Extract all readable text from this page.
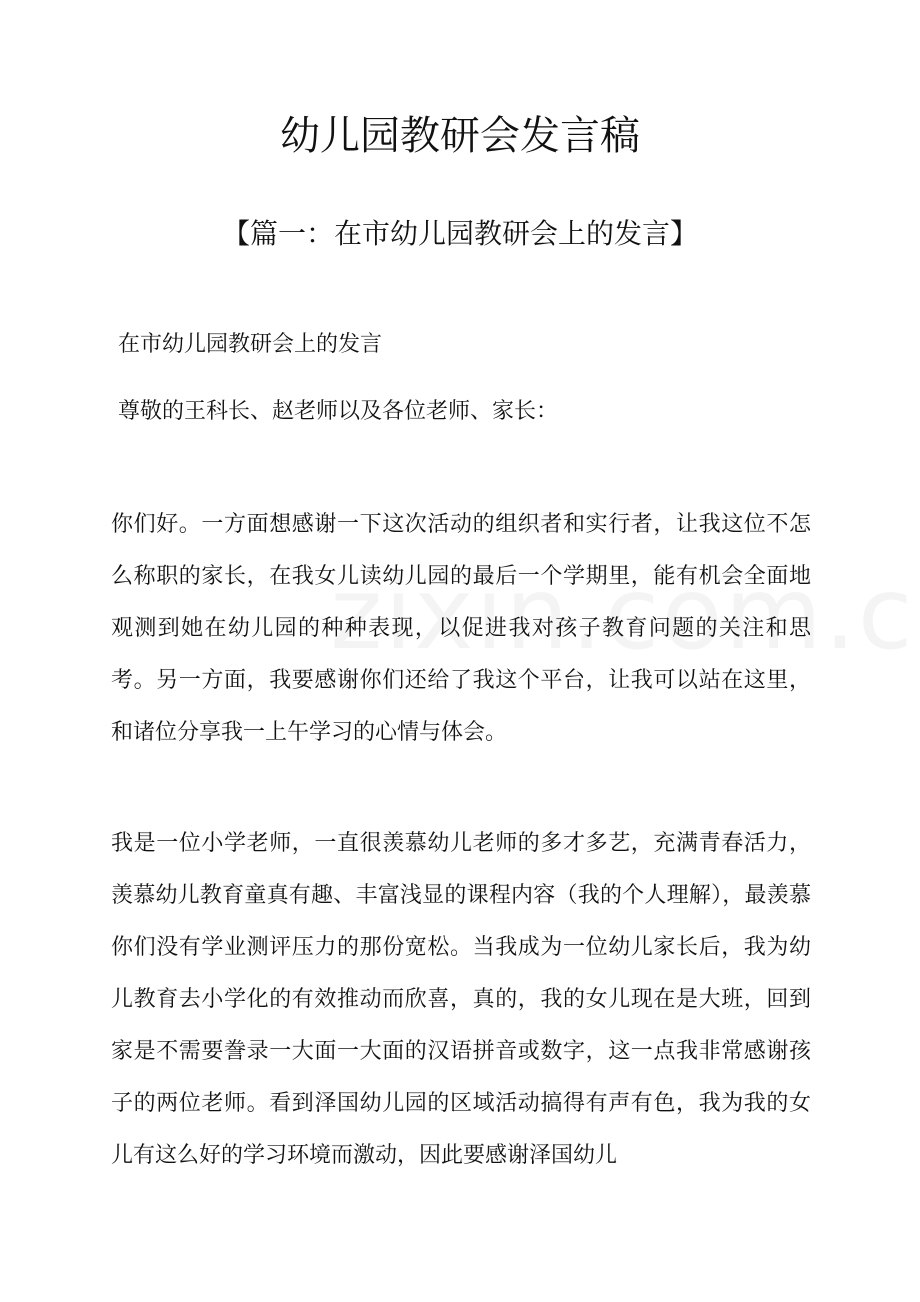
幼儿园教研会发言稿
【篇一：在市幼儿园教研会上的发言】
在市幼儿园教研会上的发言
尊敬的王科长、赵老师以及各位老师、家长：

你们好。一方面想感谢一下这次活动的组织者和实行者，让我这位不怎么称职的家长，在我女儿读幼儿园的最后一个学期里，能有机会全面地观测到她在幼儿园的种种表现，以促进我对孩子教育问题的关注和思考。另一方面，我要感谢你们还给了我这个平台，让我可以站在这里，和诸位分享我一上午学习的心情与体会。

我是一位小学老师，一直很羡慕幼儿老师的多才多艺，充满青春活力，羡慕幼儿教育童真有趣、丰富浅显的课程内容（我的个人理解），最羡慕你们没有学业测评压力的那份宽松。当我成为一位幼儿家长后，我为幼儿教育去小学化的有效推动而欣喜，真的，我的女儿现在是大班，回到家是不需要誊录一大面一大面的汉语拼音或数字，这一点我非常感谢孩子的两位老师。看到泽国幼儿园的区域活动搞得有声有色，我为我的女儿有这么好的学习环境而激动，因此要感谢泽国幼儿
